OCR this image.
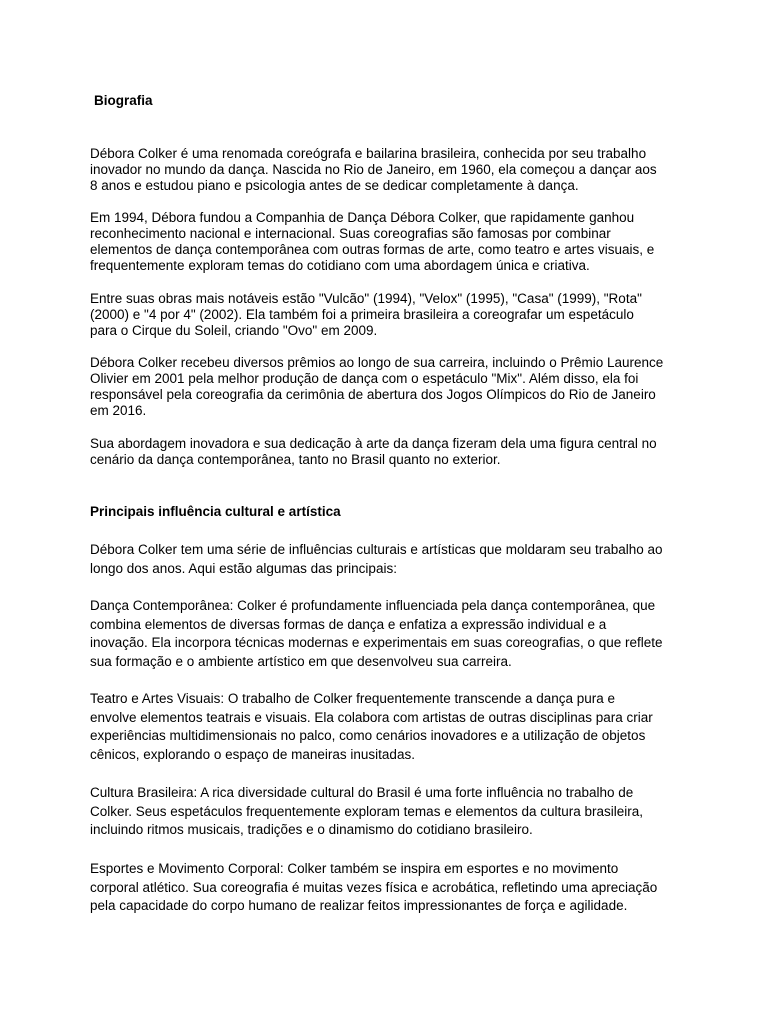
Biografia

Débora Colker é uma renomada coreógrafa e bailarina brasileira, conhecida por seu trabalho
inovador no mundo da dança. Nascida no Rio de Janeiro, em 1960, ela começou a dançar aos
8 anos e estudou piano e psicologia antes de se dedicar completamente à dança.

Em 1994, Débora fundou a Companhia de Dança Débora Colker, que rapidamente ganhou
reconhecimento nacional e internacional. Suas coreografias são famosas por combinar
elementos de dança contemporânea com outras formas de arte, como teatro e artes visuais, e
frequentemente exploram temas do cotidiano com uma abordagem única e criativa.

Entre suas obras mais notáveis estão "Vulcão" (1994), "Velox" (1995), "Casa" (1999), "Rota"
(2000) e "4 por 4" (2002). Ela também foi a primeira brasileira a coreografar um espetáculo
para o Cirque du Soleil, criando "Ovo" em 2009.

Débora Colker recebeu diversos prêmios ao longo de sua carreira, incluindo o Prêmio Laurence
Olivier em 2001 pela melhor produção de dança com o espetáculo "Mix". Além disso, ela foi
responsável pela coreografia da cerimônia de abertura dos Jogos Olímpicos do Rio de Janeiro
em 2016.

Sua abordagem inovadora e sua dedicação à arte da dança fizeram dela uma figura central no
cenário da dança contemporânea, tanto no Brasil quanto no exterior.

Principais influência cultural e artística

Débora Colker tem uma série de influências culturais e artísticas que moldaram seu trabalho ao
longo dos anos. Aqui estão algumas das principais:

Dança Contemporânea: Colker é profundamente influenciada pela dança contemporânea, que
combina elementos de diversas formas de dança e enfatiza a expressão individual e a
inovação. Ela incorpora técnicas modernas e experimentais em suas coreografias, o que reflete
sua formação e o ambiente artístico em que desenvolveu sua carreira.

Teatro e Artes Visuais: O trabalho de Colker frequentemente transcende a dança pura e
envolve elementos teatrais e visuais. Ela colabora com artistas de outras disciplinas para criar
experiências multidimensionais no palco, como cenários inovadores e a utilização de objetos
cênicos, explorando o espaço de maneiras inusitadas.

Cultura Brasileira: A rica diversidade cultural do Brasil é uma forte influência no trabalho de
Colker. Seus espetáculos frequentemente exploram temas e elementos da cultura brasileira,
incluindo ritmos musicais, tradições e o dinamismo do cotidiano brasileiro.

Esportes e Movimento Corporal: Colker também se inspira em esportes e no movimento
corporal atlético. Sua coreografia é muitas vezes física e acrobática, refletindo uma apreciação
pela capacidade do corpo humano de realizar feitos impressionantes de força e agilidade.
